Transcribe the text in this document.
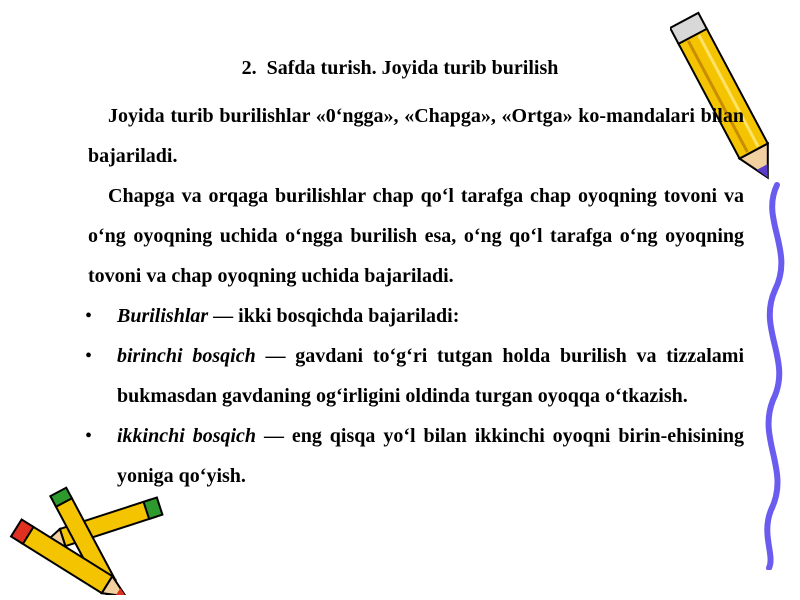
2. Safda turish. Joyida turib burilish

Joyida turib burilishlar «0‘ngga», «Chapga», «Ortga» ko-mandalari bilan bajariladi.

Chapga va orqaga burilishlar chap qo‘l tarafga chap oyoqning tovoni va o‘ng oyoqning uchida o‘ngga burilish esa, o‘ng qo‘l tarafga o‘ng oyoqning tovoni va chap oyoqning uchida bajariladi.

• Burilishlar — ikki bosqichda bajariladi:
• birinchi bosqich — gavdani to‘g‘ri tutgan holda burilish va tizzalami bukmasdan gavdaning og‘irligini oldinda turgan oyoqqa o‘tkazish.
• ikkinchi bosqich — eng qisqa yo‘l bilan ikkinchi oyoqni birin-ehisining yoniga qo‘yish.
